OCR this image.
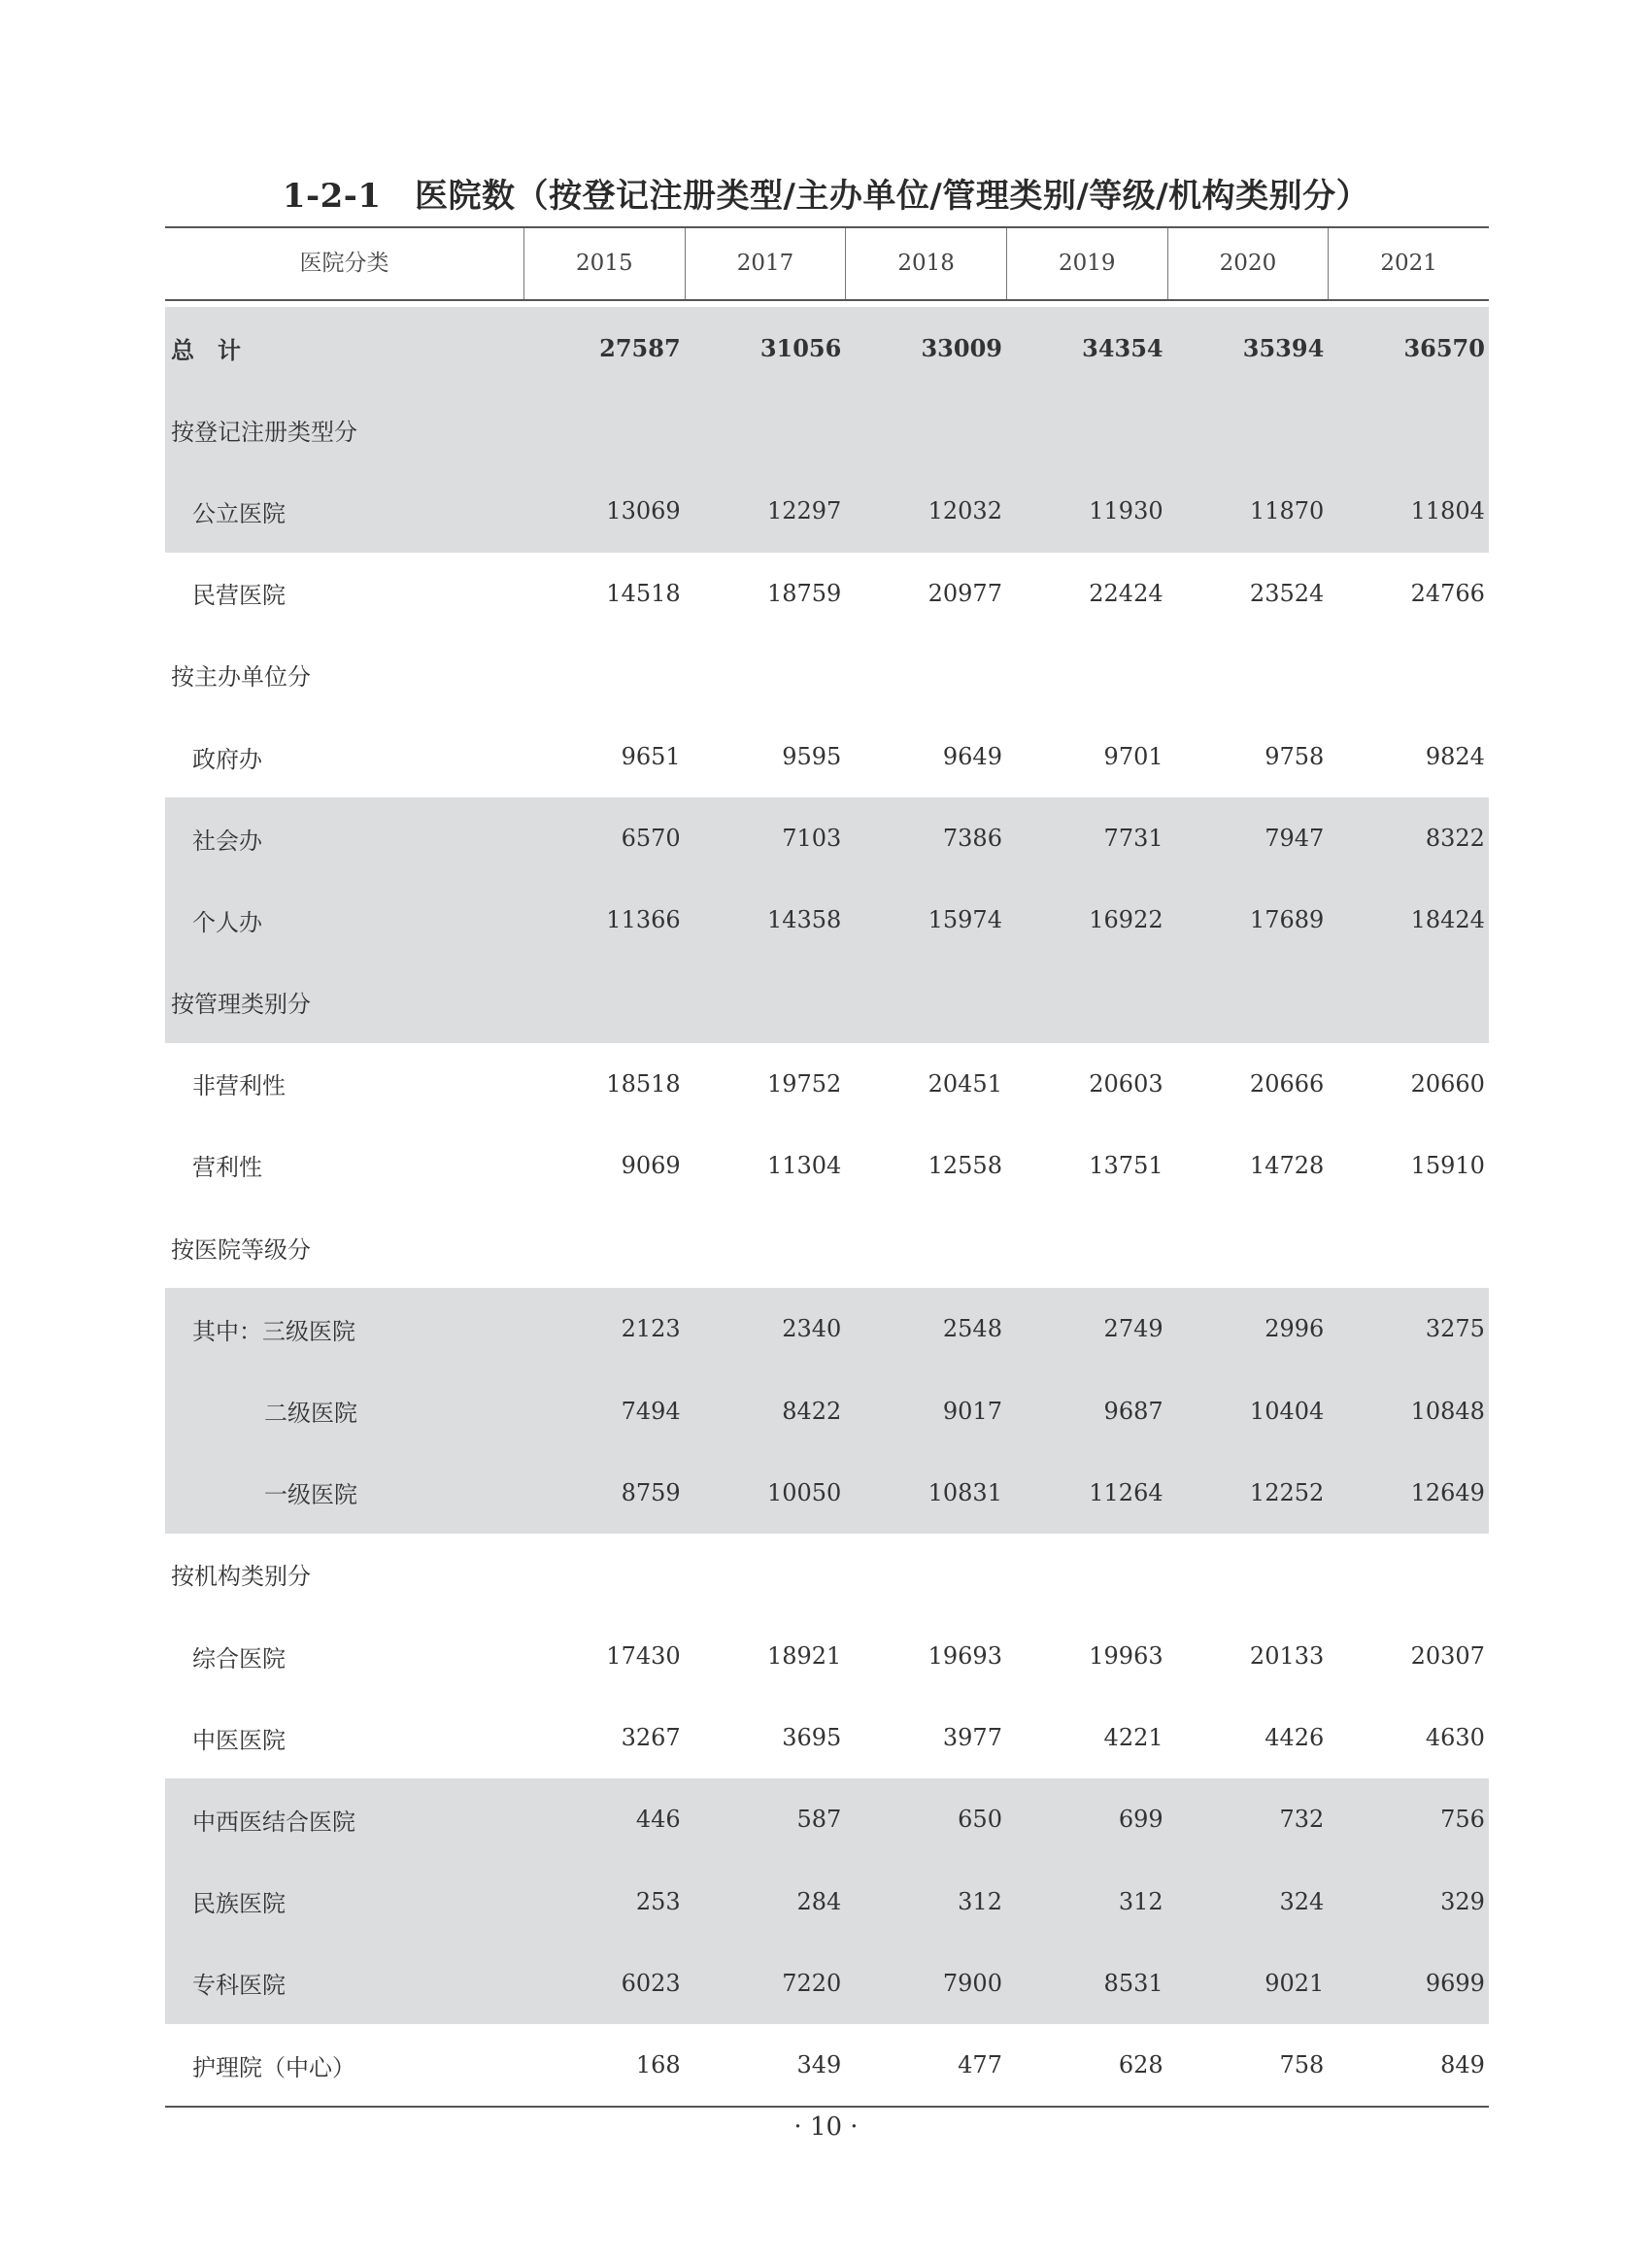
1-2-1　医院数（按登记注册类型/主办单位/管理类别/等级/机构类别分）
医院分类	2015	2017	2018	2019	2020	2021
总　计	27587	31056	33009	34354	35394	36570
按登记注册类型分
公立医院	13069	12297	12032	11930	11870	11804
民营医院	14518	18759	20977	22424	23524	24766
按主办单位分
政府办	9651	9595	9649	9701	9758	9824
社会办	6570	7103	7386	7731	7947	8322
个人办	11366	14358	15974	16922	17689	18424
按管理类别分
非营利性	18518	19752	20451	20603	20666	20660
营利性	9069	11304	12558	13751	14728	15910
按医院等级分
其中：三级医院	2123	2340	2548	2749	2996	3275
二级医院	7494	8422	9017	9687	10404	10848
一级医院	8759	10050	10831	11264	12252	12649
按机构类别分
综合医院	17430	18921	19693	19963	20133	20307
中医医院	3267	3695	3977	4221	4426	4630
中西医结合医院	446	587	650	699	732	756
民族医院	253	284	312	312	324	329
专科医院	6023	7220	7900	8531	9021	9699
护理院（中心）	168	349	477	628	758	849
· 10 ·
